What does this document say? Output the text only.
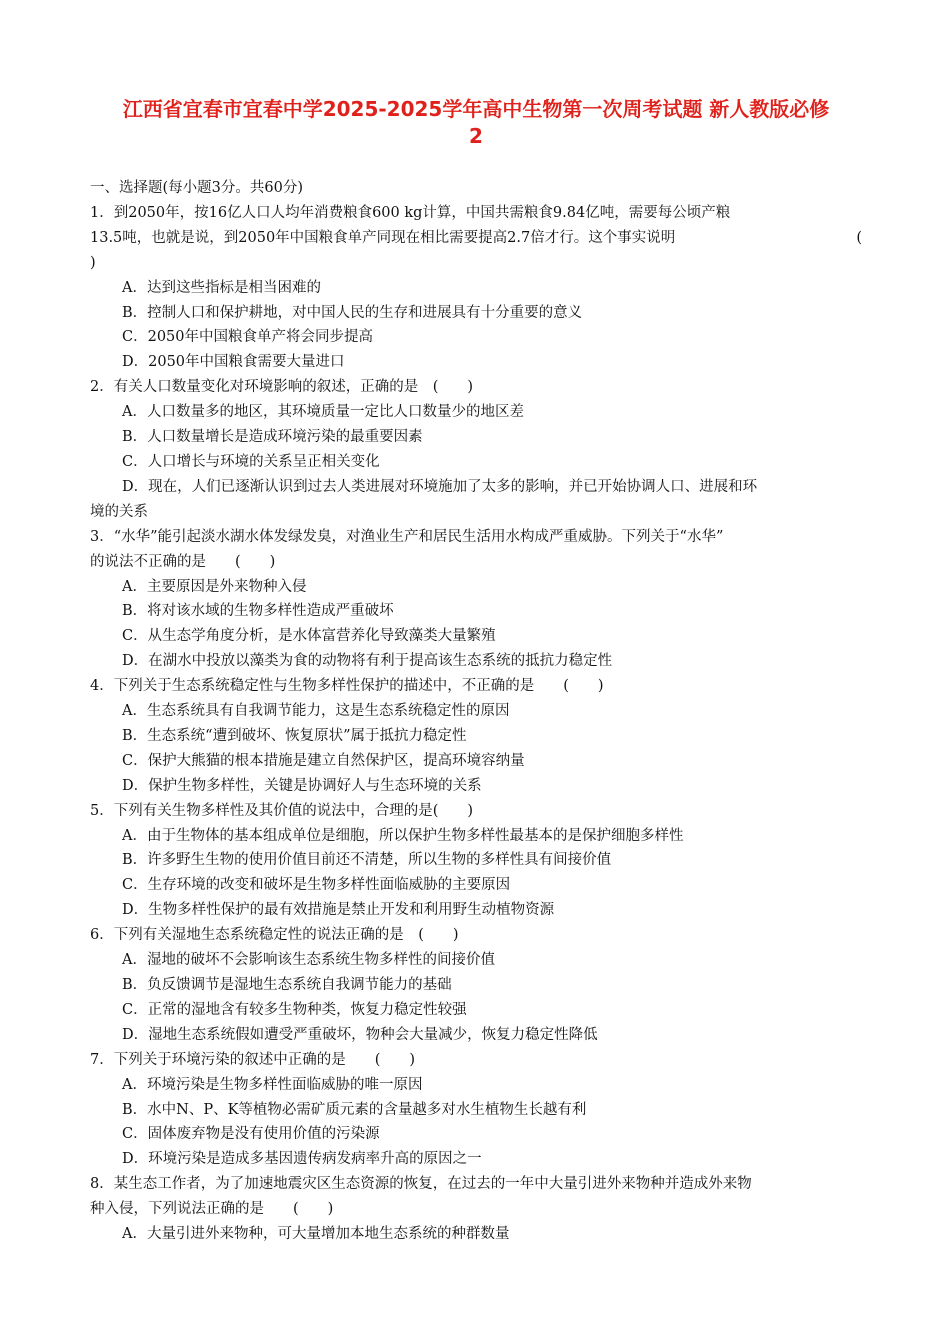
江西省宜春市宜春中学2025-2025学年高中生物第一次周考试题 新人教版必修
2
一、选择题(每小题3分。共60分)
1．到2050年，按16亿人口人均年消费粮食600 kg计算，中国共需粮食9.84亿吨，需要每公顷产粮
13.5吨，也就是说，到2050年中国粮食单产同现在相比需要提高2.7倍才行。这个事实说明	(
)
A．达到这些指标是相当困难的
B．控制人口和保护耕地，对中国人民的生存和进展具有十分重要的意义
C．2050年中国粮食单产将会同步提高
D．2050年中国粮食需要大量进口
2．有关人口数量变化对环境影响的叙述，正确的是　(　　)
A．人口数量多的地区，其环境质量一定比人口数量少的地区差
B．人口数量增长是造成环境污染的最重要因素
C．人口增长与环境的关系呈正相关变化
D．现在，人们已逐渐认识到过去人类进展对环境施加了太多的影响，并已开始协调人口、进展和环
境的关系
3．“水华”能引起淡水湖水体发绿发臭，对渔业生产和居民生活用水构成严重威胁。下列关于“水华”
的说法不正确的是　　(　　)
A．主要原因是外来物种入侵
B．将对该水域的生物多样性造成严重破坏
C．从生态学角度分析，是水体富营养化导致藻类大量繁殖
D．在湖水中投放以藻类为食的动物将有利于提高该生态系统的抵抗力稳定性
4．下列关于生态系统稳定性与生物多样性保护的描述中，不正确的是　　(　　)
A．生态系统具有自我调节能力，这是生态系统稳定性的原因
B．生态系统“遭到破坏、恢复原状”属于抵抗力稳定性
C．保护大熊猫的根本措施是建立自然保护区，提高环境容纳量
D．保护生物多样性，关键是协调好人与生态环境的关系
5．下列有关生物多样性及其价值的说法中，合理的是(　　)
A．由于生物体的基本组成单位是细胞，所以保护生物多样性最基本的是保护细胞多样性
B．许多野生生物的使用价值目前还不清楚，所以生物的多样性具有间接价值
C．生存环境的改变和破坏是生物多样性面临威胁的主要原因
D．生物多样性保护的最有效措施是禁止开发和利用野生动植物资源
6．下列有关湿地生态系统稳定性的说法正确的是　(　　)
A．湿地的破坏不会影响该生态系统生物多样性的间接价值
B．负反馈调节是湿地生态系统自我调节能力的基础
C．正常的湿地含有较多生物种类，恢复力稳定性较强
D．湿地生态系统假如遭受严重破坏，物种会大量减少，恢复力稳定性降低
7．下列关于环境污染的叙述中正确的是　　(　　)
A．环境污染是生物多样性面临威胁的唯一原因
B．水中N、P、K等植物必需矿质元素的含量越多对水生植物生长越有利
C．固体废弃物是没有使用价值的污染源
D．环境污染是造成多基因遗传病发病率升高的原因之一
8．某生态工作者，为了加速地震灾区生态资源的恢复，在过去的一年中大量引进外来物种并造成外来物
种入侵，下列说法正确的是　　(　　)
A．大量引进外来物种，可大量增加本地生态系统的种群数量
